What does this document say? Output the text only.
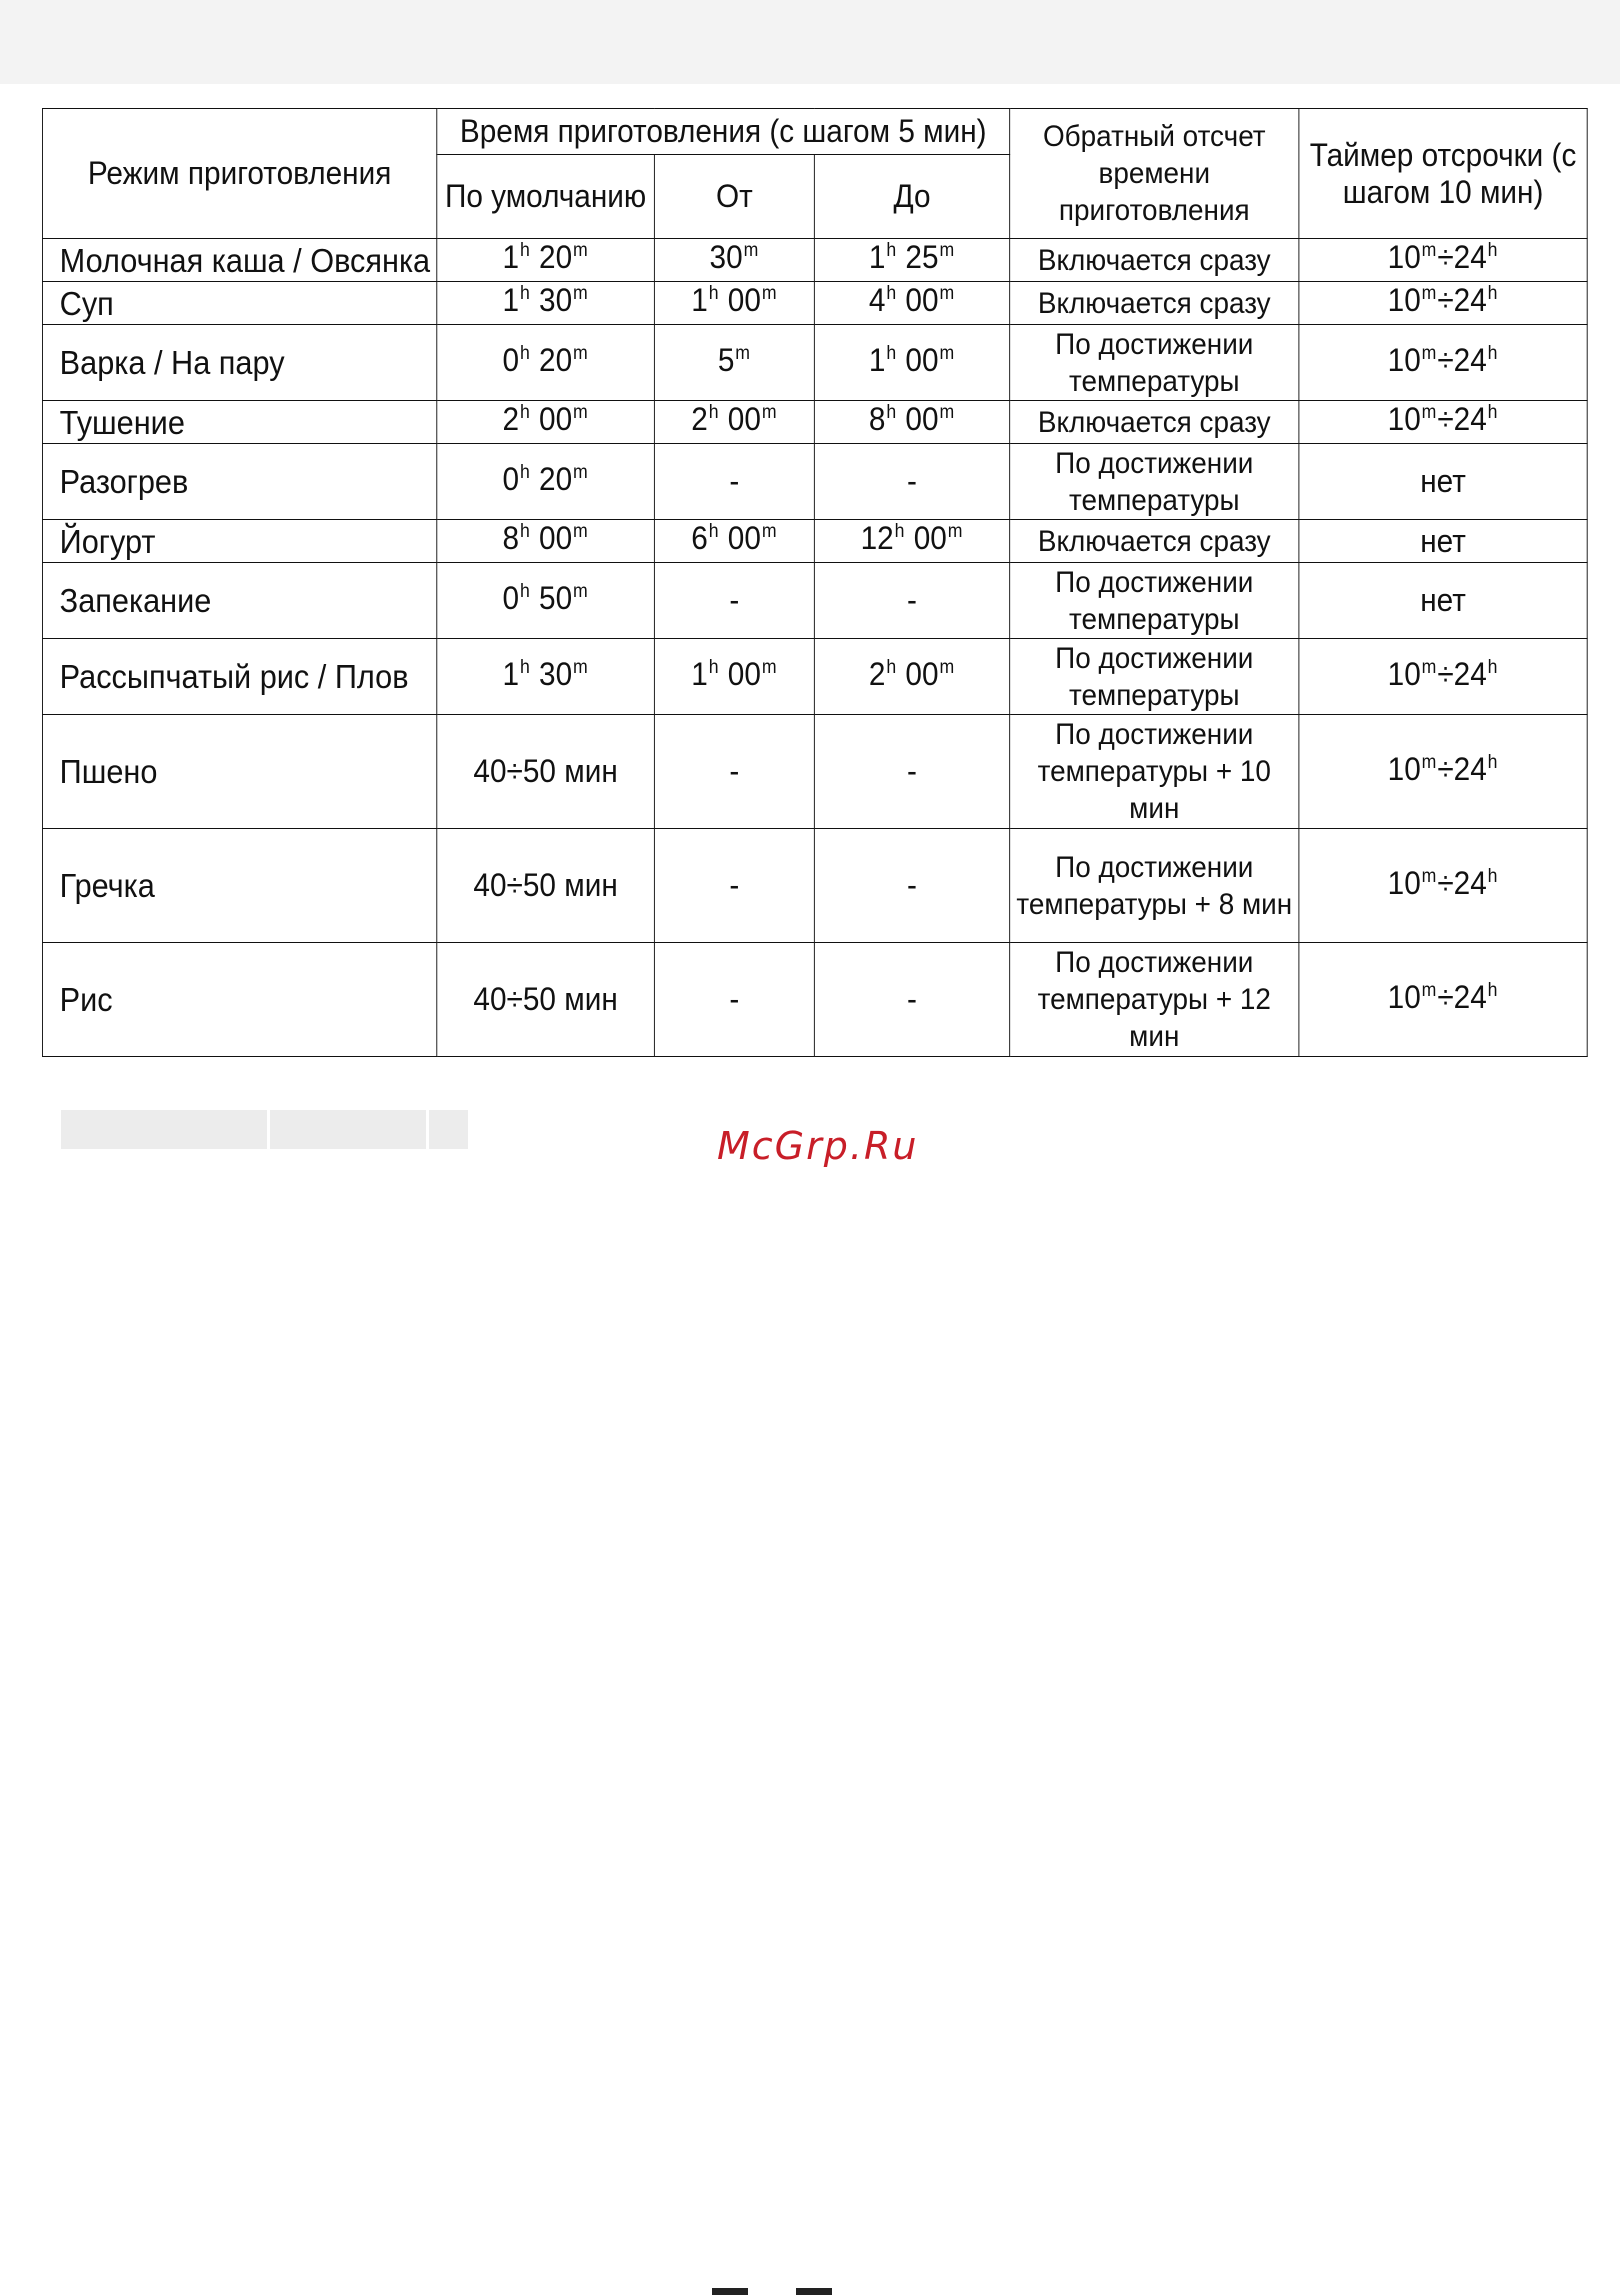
Режим приготовления	Время приготовления (с шагом 5 мин)			Обратный отсчет времени приготовления	Таймер отсрочки (с шагом 10 мин)
	По умолчанию	От	До		
Молочная каша / Овсянка	1$^h$ 20$^m$	30$^m$	1$^h$ 25$^m$	Включается сразу	$10^m\div 24^h$
Суп	1$^h$ 30$^m$	1$^h$ 00$^m$	4$^h$ 00$^m$	Включается сразу	$10^m\div 24^h$
Варка / На пару	0$^h$ 20$^m$	5$^m$	1$^h$ 00$^m$	По достижении температуры	$10^m\div 24^h$
Тушение	2$^h$ 00$^m$	2$^h$ 00$^m$	8$^h$ 00$^m$	Включается сразу	$10^m\div 24^h$
Разогрев	0$^h$ 20$^m$	-	-	По достижении температуры	нет
Йогурт	8$^h$ 00$^m$	6$^h$ 00$^m$	12$^h$ 00$^m$	Включается сразу	нет
Запекание	0$^h$ 50$^m$	-	-	По достижении температуры	нет
Рассыпчатый рис / Плов	1$^h$ 30$^m$	1$^h$ 00$^m$	2$^h$ 00$^m$	По достижении температуры	$10^m\div 24^h$
Пшено	40÷50 мин	-	-	По достижении температуры + 10 мин	$10^m\div 24^h$
Гречка	40÷50 мин	-	-	По достижении температуры + 8 мин	$10^m\div 24^h$
Рис	40÷50 мин	-	-	По достижении температуры + 12 мин	$10^m\div 24^h$
McGrp.Ru
